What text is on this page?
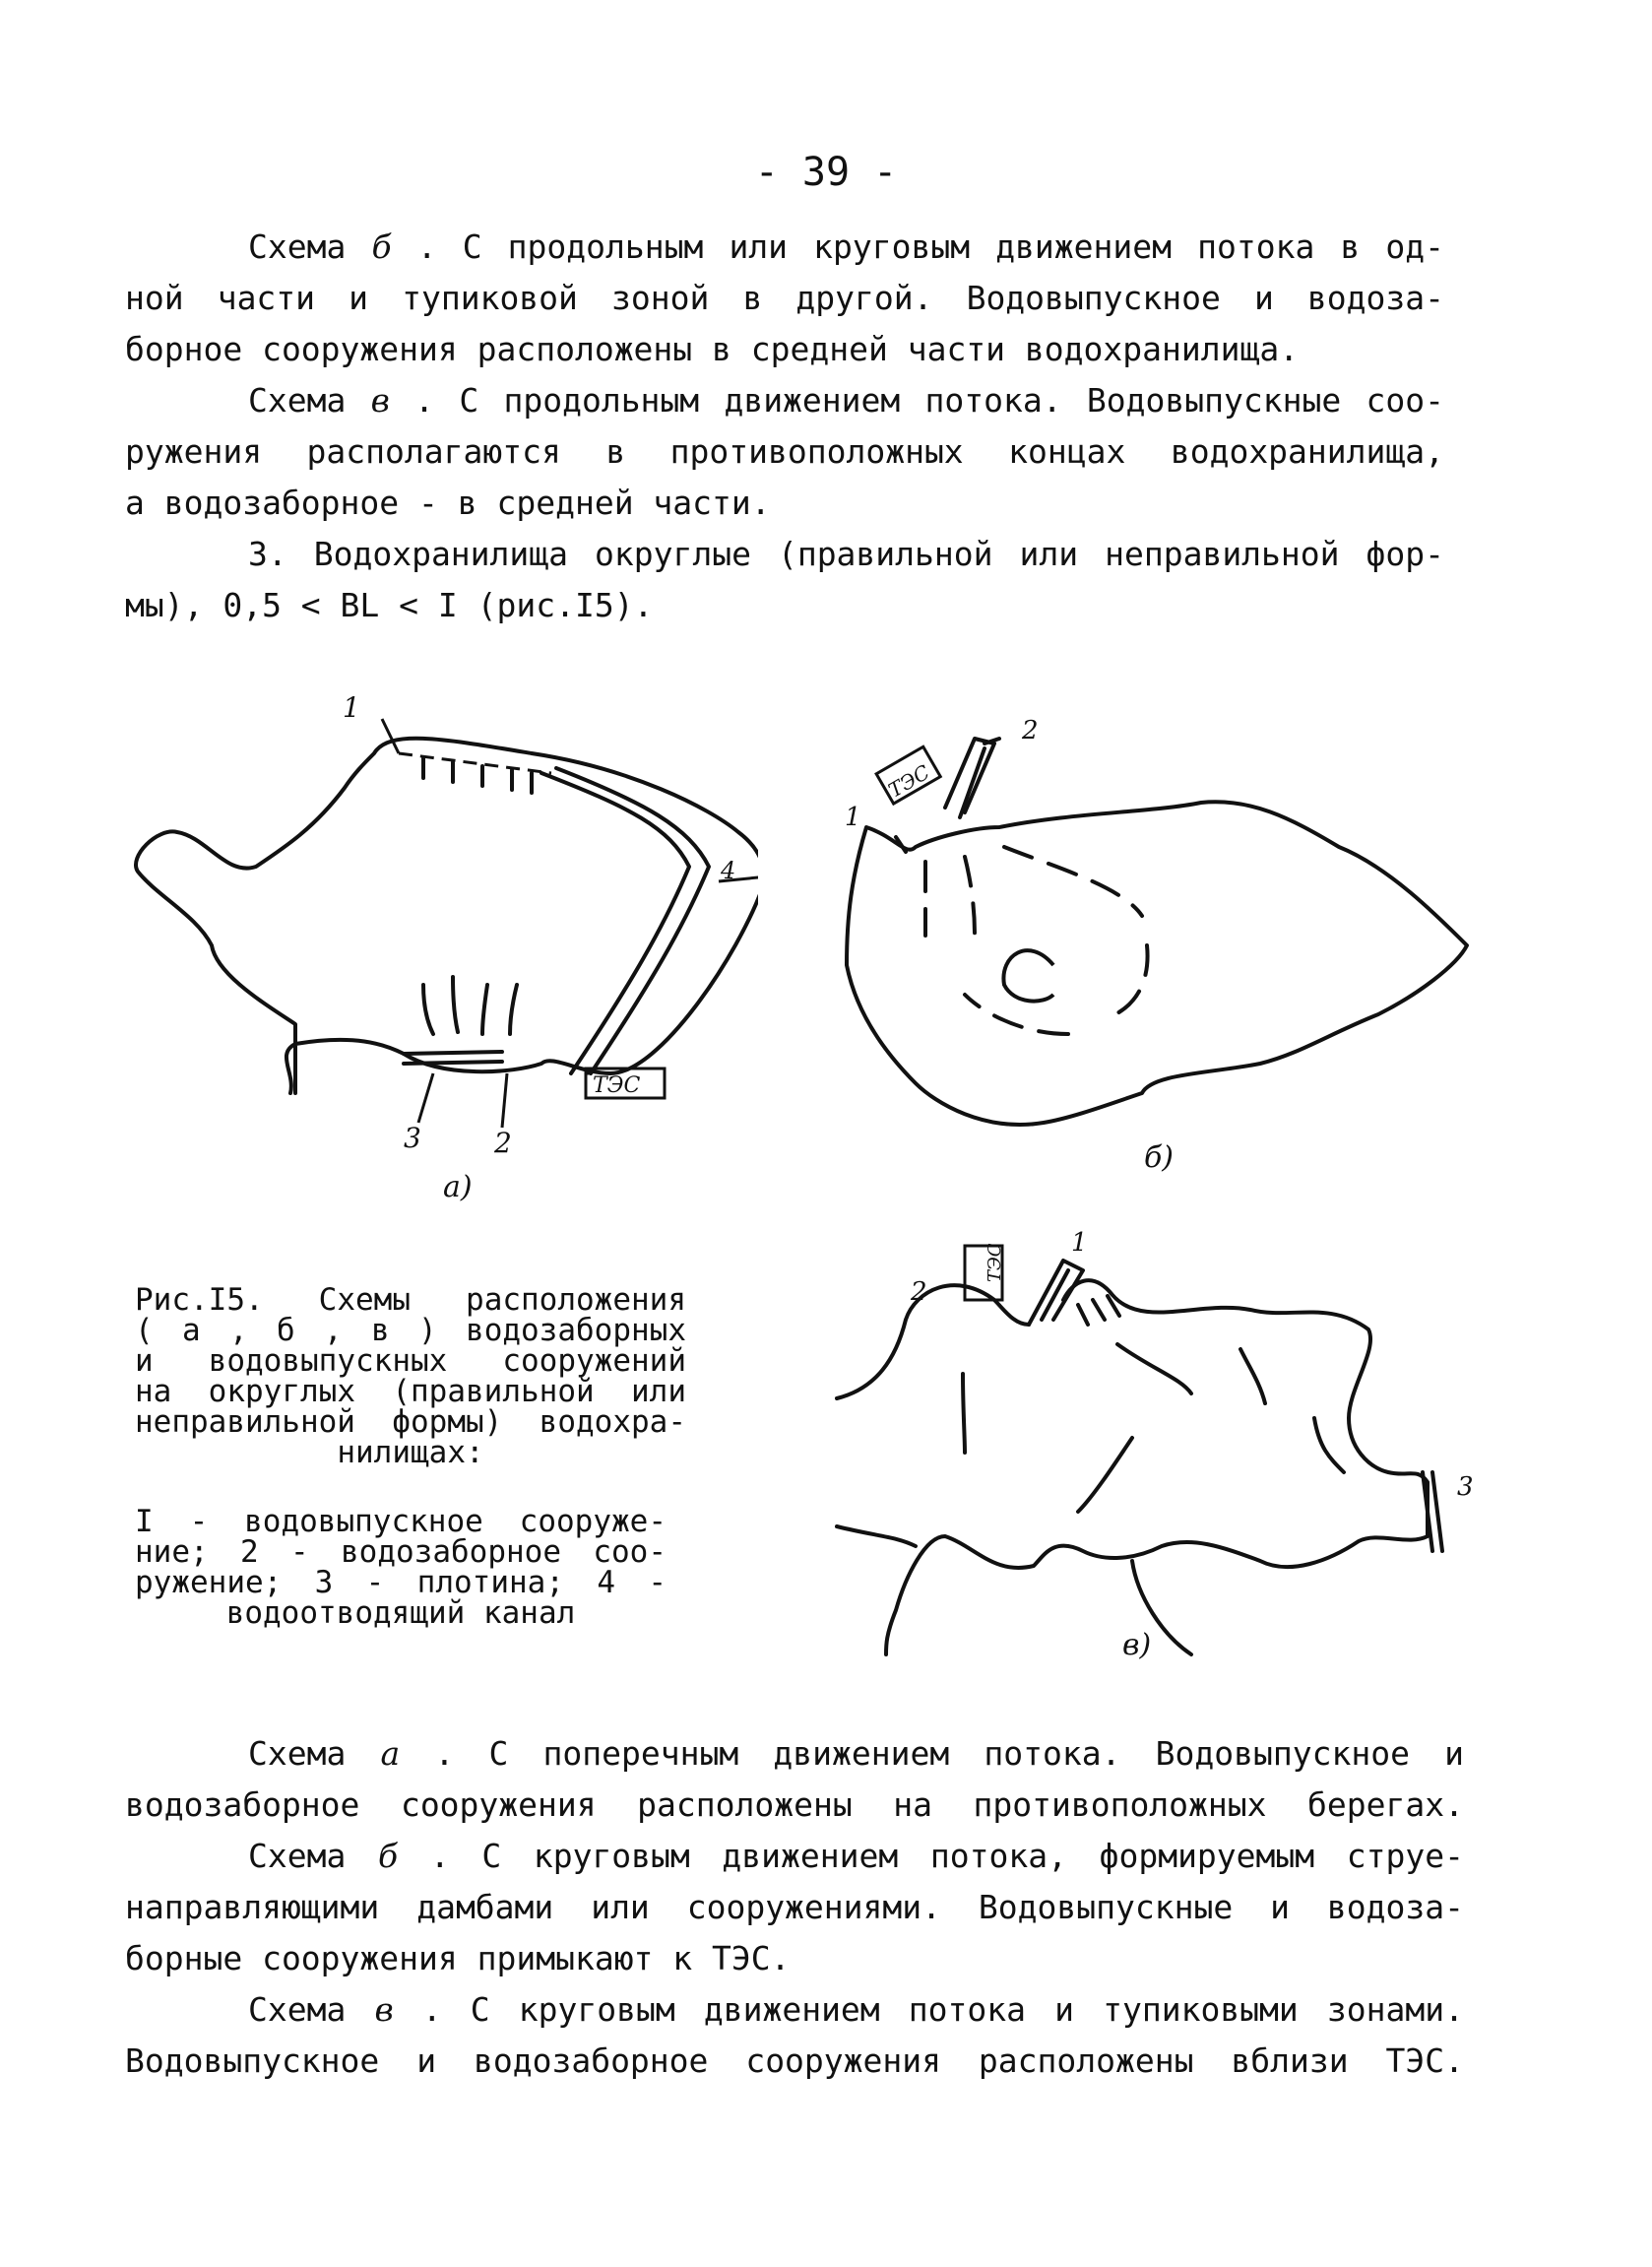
- 39 -
Схема б . С продольным или круговым движением потока в од-
ной части и тупиковой зоной в другой. Водовыпускное и водоза-
борное сооружения расположены в средней части водохранилища.
Схема в . С продольным движением потока. Водовыпускные соо-
ружения располагаются в противоположных концах водохранилища,
а водозаборное - в средней части.
3. Водохранилища округлые (правильной или неправильной фор-
мы), 0,5 < BL < I (рис.I5).
ТЭС
1
4
3	2
а)
ТЭС
2
1
б)
Рис.I5. Схемы расположения
( а , б , в ) водозаборных
и водовыпускных сооружений
на округлых (правильной или
неправильной формы) водохра-
нилищах:
I - водовыпускное сооруже-
ние; 2 - водозаборное соо-
ружение; 3 - плотина; 4 -
водоотводящий канал
ТЭС
2
1
3
в)
Схема а . С поперечным движением потока. Водовыпускное и
водозаборное сооружения расположены на противоположных берегах.
Схема б . С круговым движением потока, формируемым струе-
направляющими дамбами или сооружениями. Водовыпускные и водоза-
борные сооружения примыкают к ТЭС.
Схема в . С круговым движением потока и тупиковыми зонами.
Водовыпускное и водозаборное сооружения расположены вблизи ТЭС.
